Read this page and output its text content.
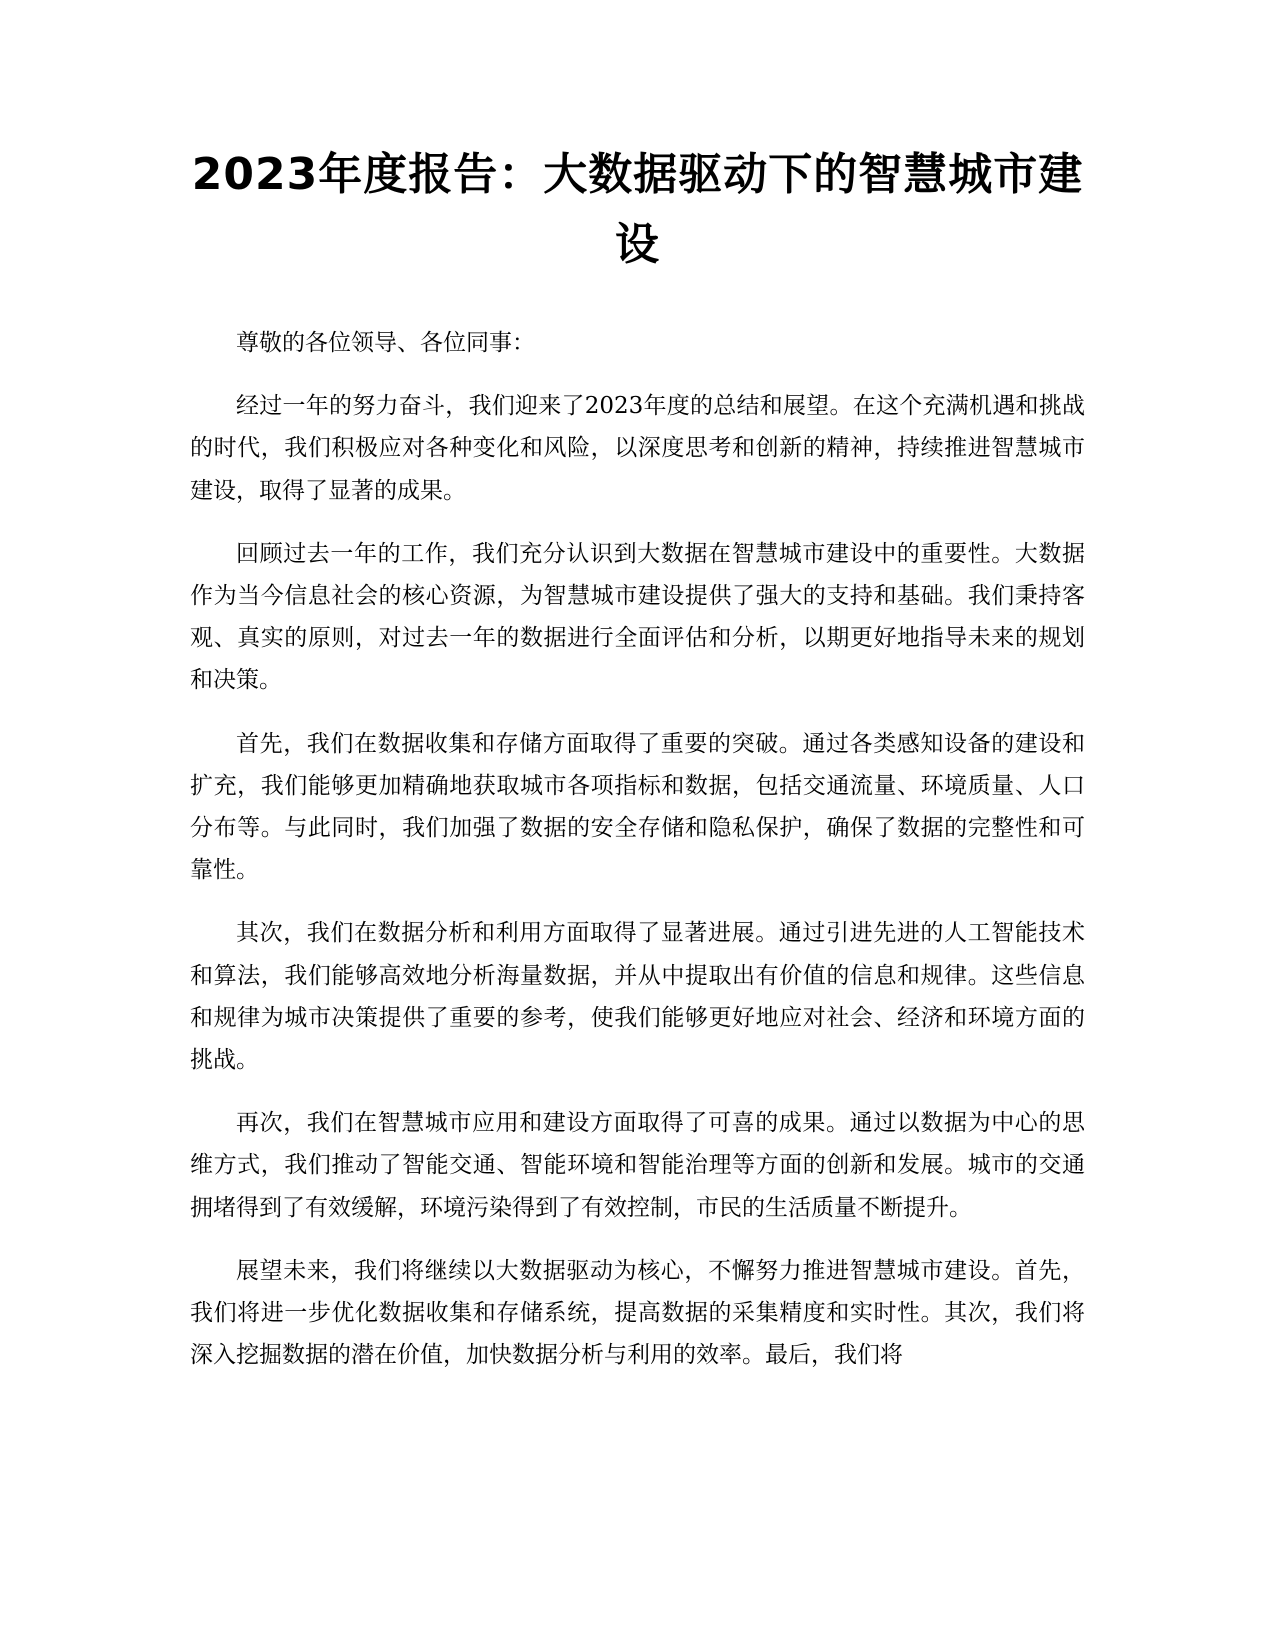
2023年度报告：大数据驱动下的智慧城市建设

尊敬的各位领导、各位同事：

经过一年的努力奋斗，我们迎来了2023年度的总结和展望。在这个充满机遇和挑战的时代，我们积极应对各种变化和风险，以深度思考和创新的精神，持续推进智慧城市建设，取得了显著的成果。

回顾过去一年的工作，我们充分认识到大数据在智慧城市建设中的重要性。大数据作为当今信息社会的核心资源，为智慧城市建设提供了强大的支持和基础。我们秉持客观、真实的原则，对过去一年的数据进行全面评估和分析，以期更好地指导未来的规划和决策。

首先，我们在数据收集和存储方面取得了重要的突破。通过各类感知设备的建设和扩充，我们能够更加精确地获取城市各项指标和数据，包括交通流量、环境质量、人口分布等。与此同时，我们加强了数据的安全存储和隐私保护，确保了数据的完整性和可靠性。

其次，我们在数据分析和利用方面取得了显著进展。通过引进先进的人工智能技术和算法，我们能够高效地分析海量数据，并从中提取出有价值的信息和规律。这些信息和规律为城市决策提供了重要的参考，使我们能够更好地应对社会、经济和环境方面的挑战。

再次，我们在智慧城市应用和建设方面取得了可喜的成果。通过以数据为中心的思维方式，我们推动了智能交通、智能环境和智能治理等方面的创新和发展。城市的交通拥堵得到了有效缓解，环境污染得到了有效控制，市民的生活质量不断提升。

展望未来，我们将继续以大数据驱动为核心，不懈努力推进智慧城市建设。首先，我们将进一步优化数据收集和存储系统，提高数据的采集精度和实时性。其次，我们将深入挖掘数据的潜在价值，加快数据分析与利用的效率。最后，我们将
